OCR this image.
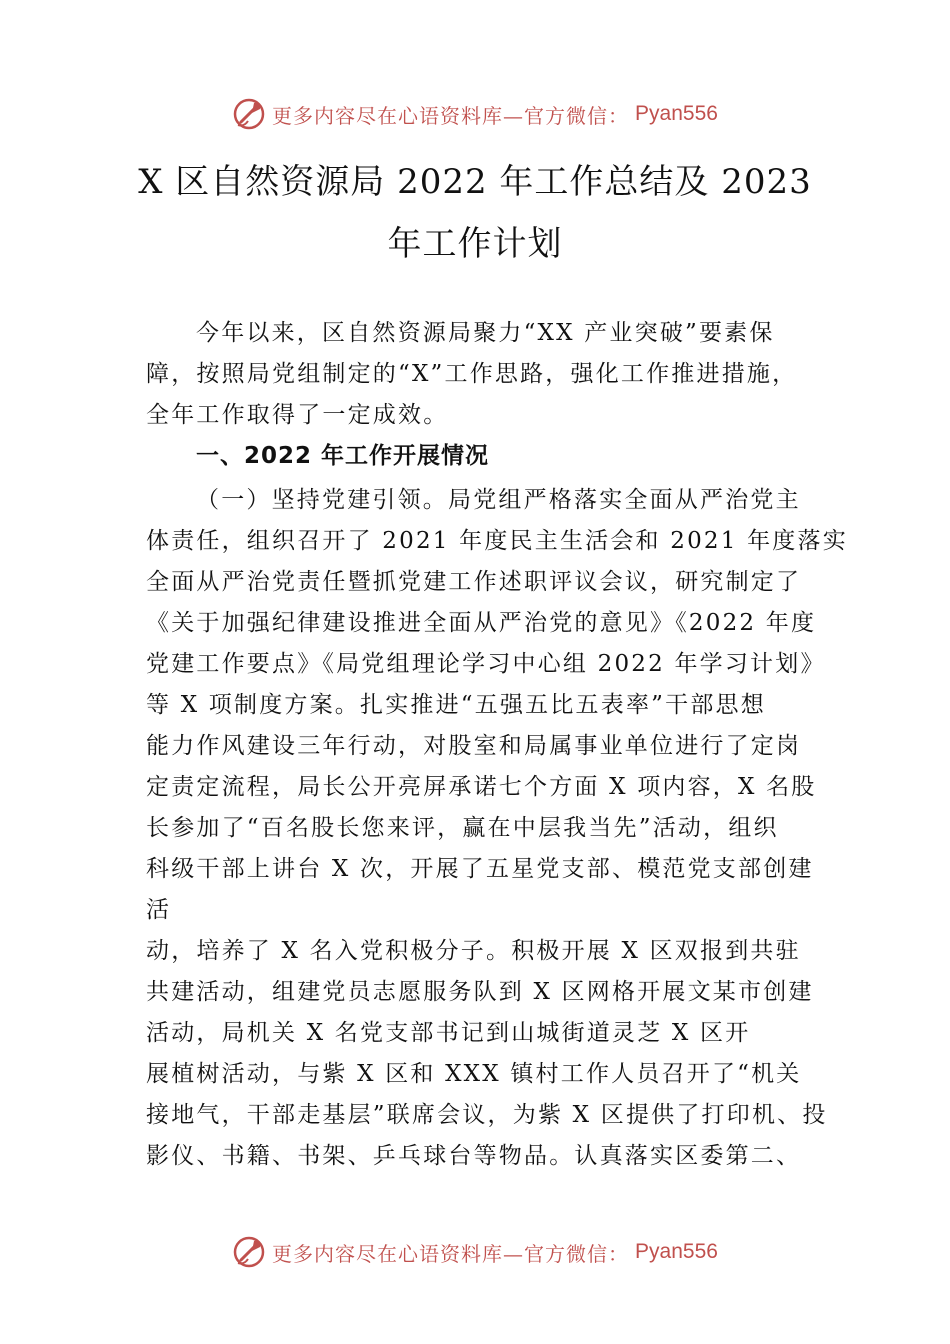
更多内容尽在心语资料库—官方微信： Pyan556
X 区自然资源局 2022 年工作总结及 2023
年工作计划
今年以来，区自然资源局聚力“XX 产业突破”要素保
障，按照局党组制定的“X”工作思路，强化工作推进措施，
全年工作取得了一定成效。
一、2022 年工作开展情况
（一）坚持党建引领。局党组严格落实全面从严治党主
体责任，组织召开了 2021 年度民主生活会和 2021 年度落实
全面从严治党责任暨抓党建工作述职评议会议，研究制定了
《关于加强纪律建设推进全面从严治党的意见》《2022 年度
党建工作要点》《局党组理论学习中心组 2022 年学习计划》
等 X 项制度方案。扎实推进“五强五比五表率”干部思想
能力作风建设三年行动，对股室和局属事业单位进行了定岗
定责定流程，局长公开亮屏承诺七个方面 X 项内容，X 名股
长参加了“百名股长您来评，赢在中层我当先”活动，组织
科级干部上讲台 X 次，开展了五星党支部、模范党支部创建
活
动，培养了 X 名入党积极分子。积极开展 X 区双报到共驻
共建活动，组建党员志愿服务队到 X 区网格开展文某市创建
活动，局机关 X 名党支部书记到山城街道灵芝 X 区开
展植树活动，与紫 X 区和 XXX 镇村工作人员召开了“机关
接地气，干部走基层”联席会议，为紫 X 区提供了打印机、投
影仪、书籍、书架、乒乓球台等物品。认真落实区委第二、
更多内容尽在心语资料库—官方微信： Pyan556
